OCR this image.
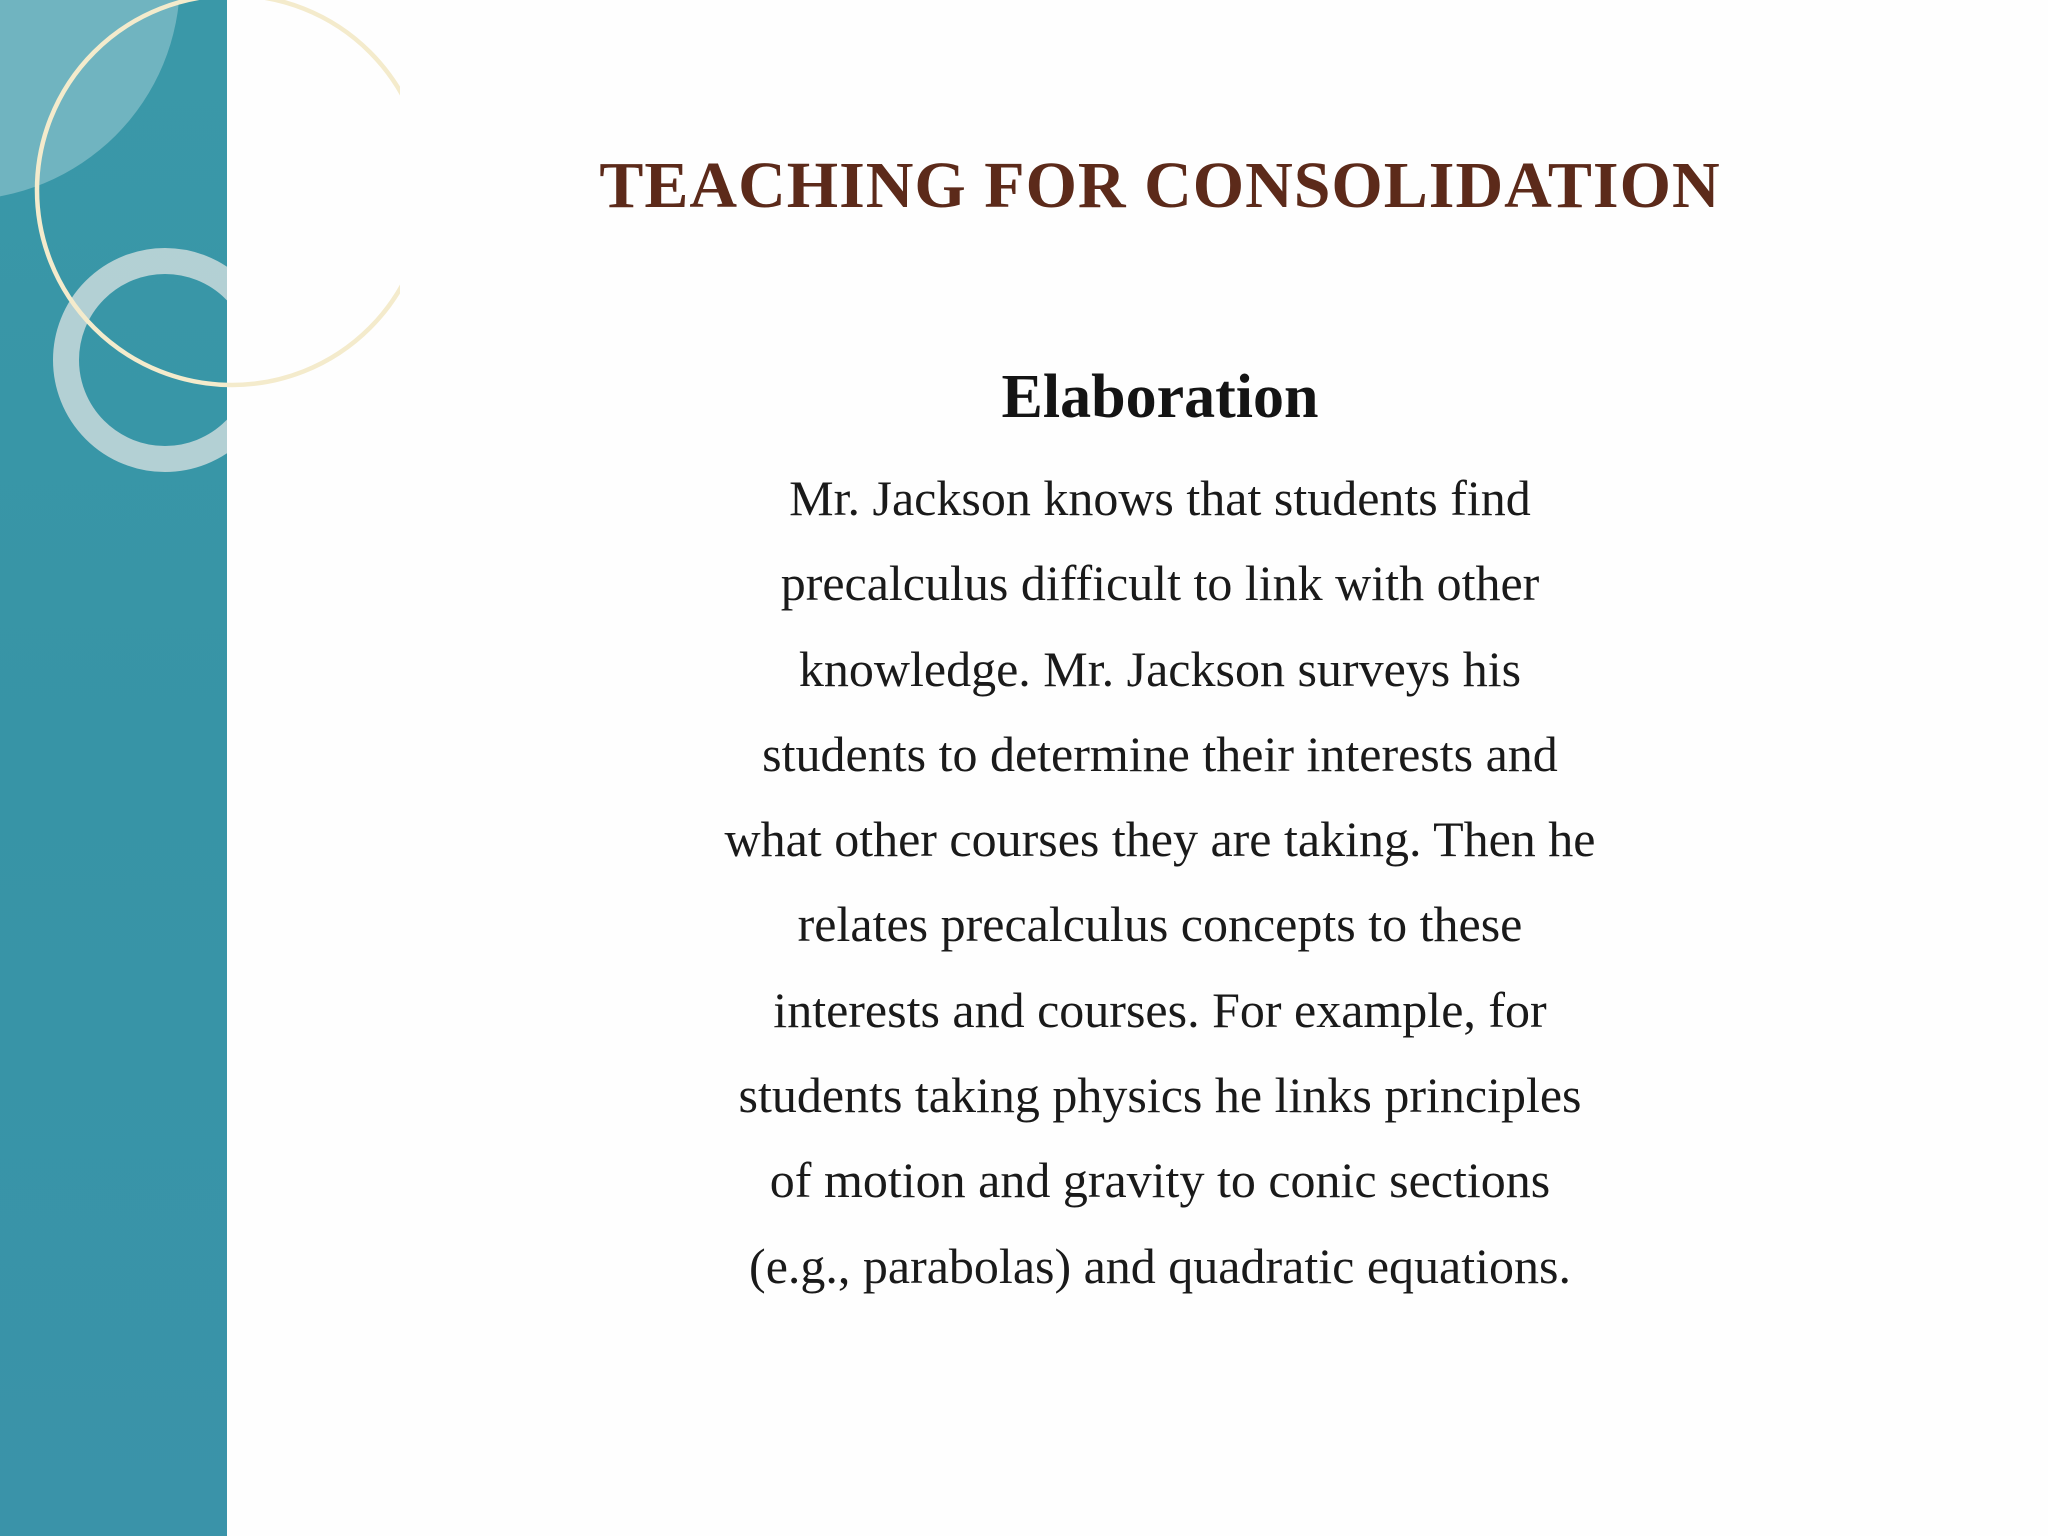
TEACHING FOR CONSOLIDATION
Elaboration

Mr. Jackson knows that students find
precalculus difficult to link with other
knowledge. Mr. Jackson surveys his
students to determine their interests and
what other courses they are taking. Then he
relates precalculus concepts to these
interests and courses. For example, for
students taking physics he links principles
of motion and gravity to conic sections
(e.g., parabolas) and quadratic equations.
